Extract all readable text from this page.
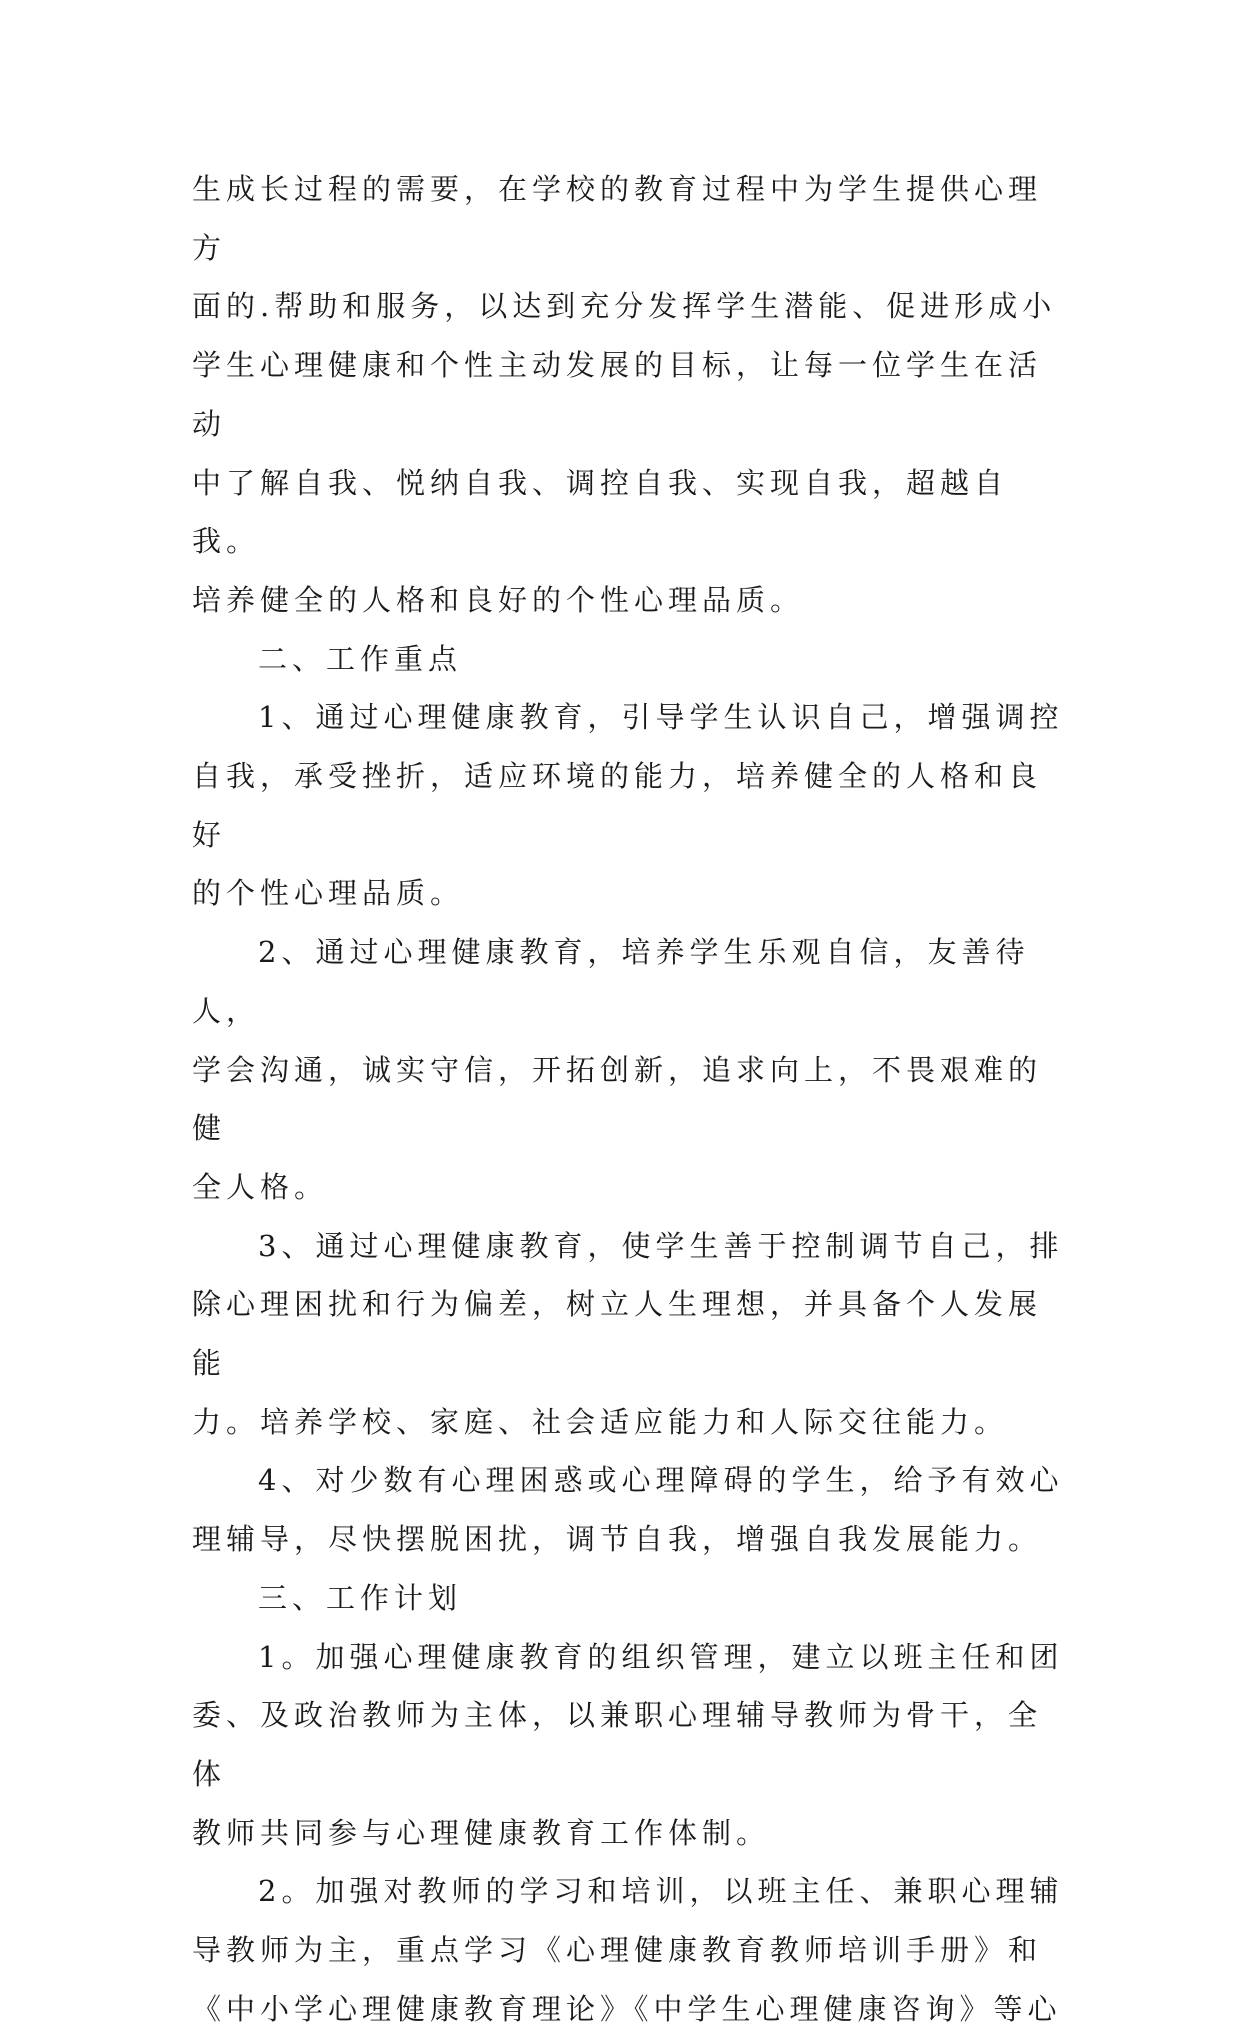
生成长过程的需要，在学校的教育过程中为学生提供心理方
面的.帮助和服务，以达到充分发挥学生潜能、促进形成小
学生心理健康和个性主动发展的目标，让每一位学生在活动
中了解自我、悦纳自我、调控自我、实现自我，超越自我。
培养健全的人格和良好的个性心理品质。

二、工作重点

1、通过心理健康教育，引导学生认识自己，增强调控
自我，承受挫折，适应环境的能力，培养健全的人格和良好
的个性心理品质。

2、通过心理健康教育，培养学生乐观自信，友善待人，
学会沟通，诚实守信，开拓创新，追求向上，不畏艰难的健
全人格。

3、通过心理健康教育，使学生善于控制调节自己，排
除心理困扰和行为偏差，树立人生理想，并具备个人发展能
力。培养学校、家庭、社会适应能力和人际交往能力。

4、对少数有心理困惑或心理障碍的学生，给予有效心
理辅导，尽快摆脱困扰，调节自我，增强自我发展能力。

三、工作计划

1。加强心理健康教育的组织管理，建立以班主任和团
委、及政治教师为主体，以兼职心理辅导教师为骨干，全体
教师共同参与心理健康教育工作体制。

2。加强对教师的学习和培训，以班主任、兼职心理辅
导教师为主，重点学习《心理健康教育教师培训手册》和
《中小学心理健康教育理论》《中学生心理健康咨询》等心
